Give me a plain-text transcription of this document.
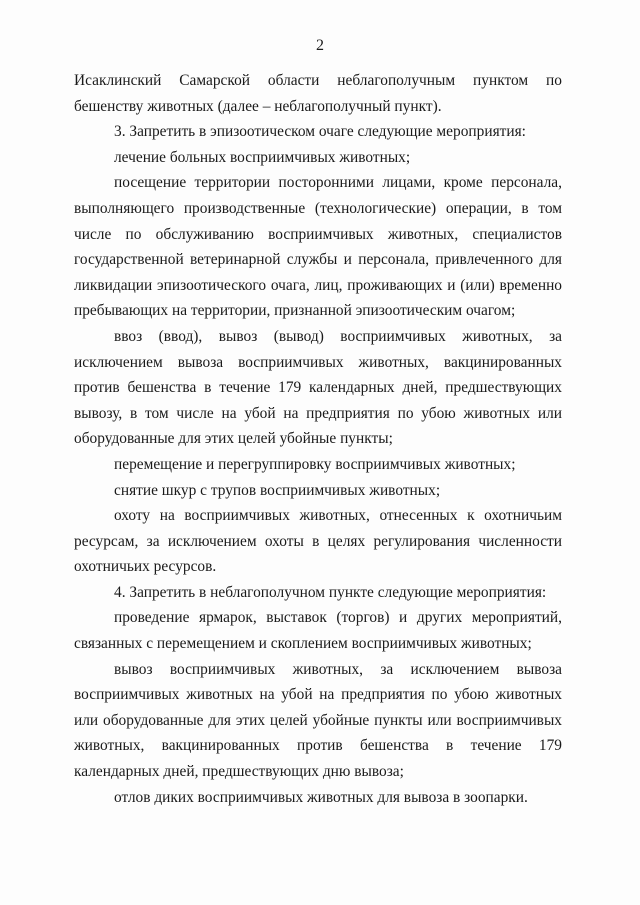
2

Исаклинский Самарской области неблагополучным пунктом по бешенству животных (далее – неблагополучный пункт).

3. Запретить в эпизоотическом очаге следующие мероприятия:

лечение больных восприимчивых животных;

посещение территории посторонними лицами, кроме персонала, выполняющего производственные (технологические) операции, в том числе по обслуживанию восприимчивых животных, специалистов государственной ветеринарной службы и персонала, привлеченного для ликвидации эпизоотического очага, лиц, проживающих и (или) временно пребывающих на территории, признанной эпизоотическим очагом;

ввоз (ввод), вывоз (вывод) восприимчивых животных, за исключением вывоза восприимчивых животных, вакцинированных против бешенства в течение 179 календарных дней, предшествующих вывозу, в том числе на убой на предприятия по убою животных или оборудованные для этих целей убойные пункты;

перемещение и перегруппировку восприимчивых животных;

снятие шкур с трупов восприимчивых животных;

охоту на восприимчивых животных, отнесенных к охотничьим ресурсам, за исключением охоты в целях регулирования численности охотничьих ресурсов.

4. Запретить в неблагополучном пункте следующие мероприятия:

проведение ярмарок, выставок (торгов) и других мероприятий, связанных с перемещением и скоплением восприимчивых животных;

вывоз восприимчивых животных, за исключением вывоза восприимчивых животных на убой на предприятия по убою животных или оборудованные для этих целей убойные пункты или восприимчивых животных, вакцинированных против бешенства в течение 179 календарных дней, предшествующих дню вывоза;

отлов диких восприимчивых животных для вывоза в зоопарки.
